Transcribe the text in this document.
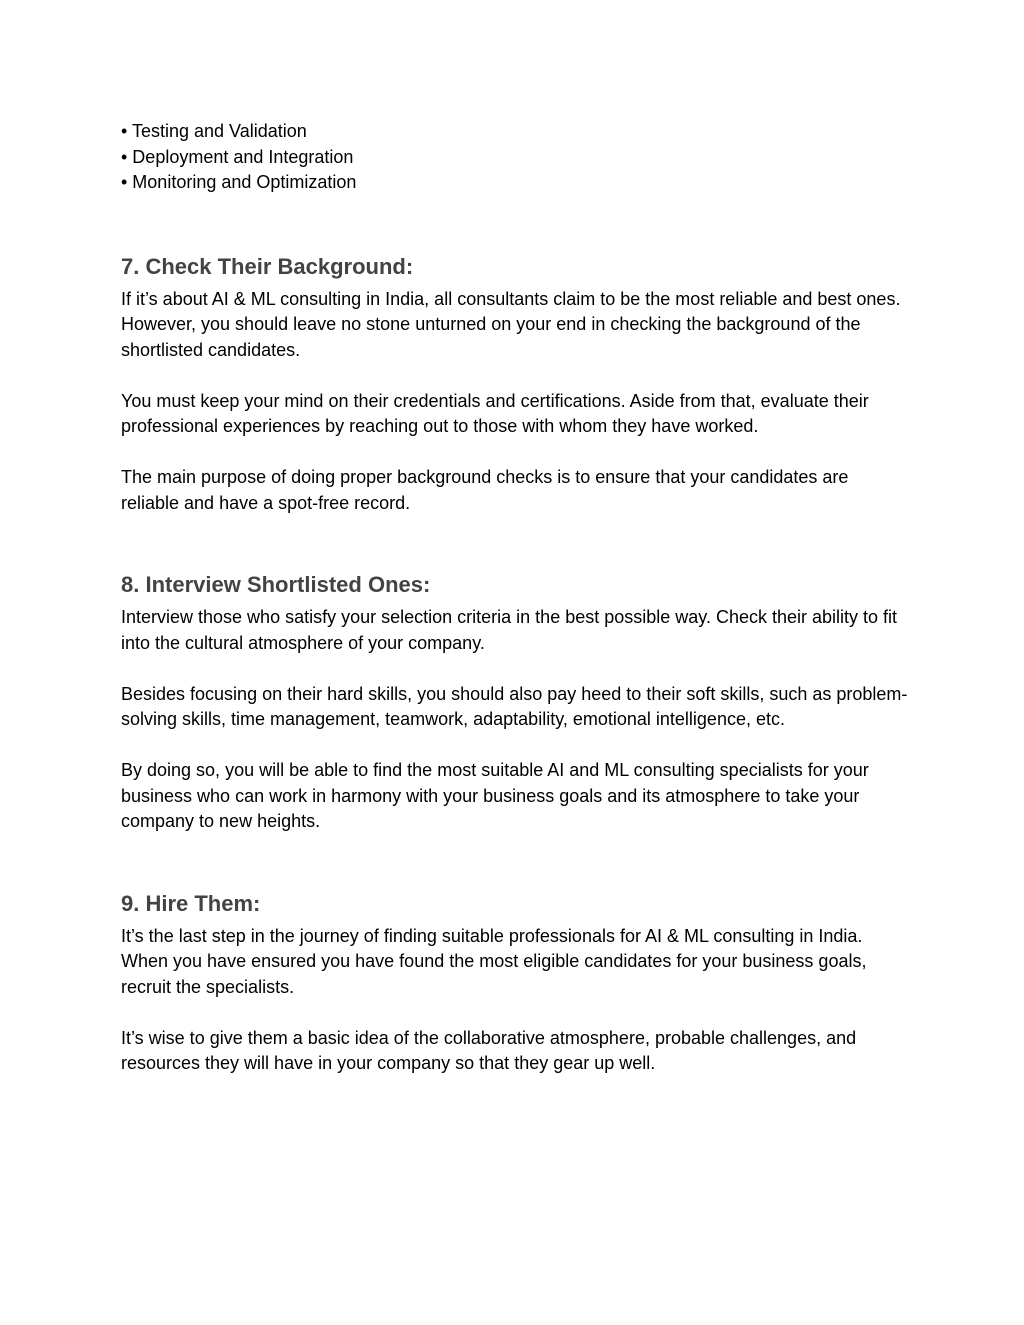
• Testing and Validation
• Deployment and Integration
• Monitoring and Optimization
7. Check Their Background:

If it’s about AI & ML consulting in India, all consultants claim to be the most reliable and best ones. However, you should leave no stone unturned on your end in checking the background of the shortlisted candidates.

You must keep your mind on their credentials and certifications. Aside from that, evaluate their professional experiences by reaching out to those with whom they have worked.

The main purpose of doing proper background checks is to ensure that your candidates are reliable and have a spot-free record.

8. Interview Shortlisted Ones:

Interview those who satisfy your selection criteria in the best possible way. Check their ability to fit into the cultural atmosphere of your company.

Besides focusing on their hard skills, you should also pay heed to their soft skills, such as problem-solving skills, time management, teamwork, adaptability, emotional intelligence, etc.

By doing so, you will be able to find the most suitable AI and ML consulting specialists for your business who can work in harmony with your business goals and its atmosphere to take your company to new heights.

9. Hire Them:

It’s the last step in the journey of finding suitable professionals for AI & ML consulting in India. When you have ensured you have found the most eligible candidates for your business goals, recruit the specialists.

It’s wise to give them a basic idea of the collaborative atmosphere, probable challenges, and resources they will have in your company so that they gear up well.
